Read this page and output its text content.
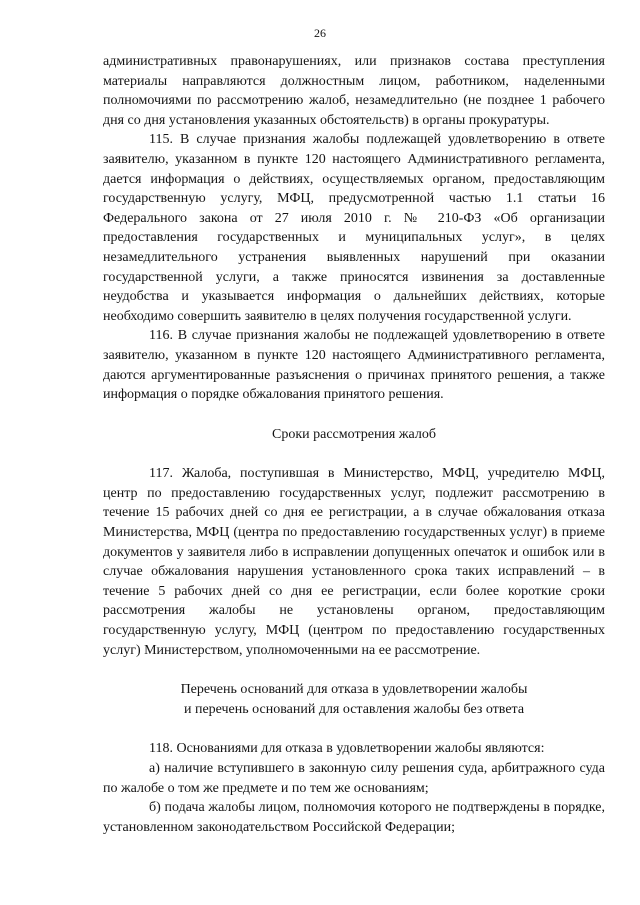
26

административных правонарушениях, или признаков состава преступления материалы направляются должностным лицом, работником, наделенными полномочиями по рассмотрению жалоб, незамедлительно (не позднее 1 рабочего дня со дня установления указанных обстоятельств) в органы прокуратуры.

115. В случае признания жалобы подлежащей удовлетворению в ответе заявителю, указанном в пункте 120 настоящего Административного регламента, дается информация о действиях, осуществляемых органом, предоставляющим государственную услугу, МФЦ, предусмотренной частью 1.1 статьи 16 Федерального закона от 27 июля 2010 г. № 210-ФЗ «Об организации предоставления государственных и муниципальных услуг», в целях незамедлительного устранения выявленных нарушений при оказании государственной услуги, а также приносятся извинения за доставленные неудобства и указывается информация о дальнейших действиях, которые необходимо совершить заявителю в целях получения государственной услуги.

116. В случае признания жалобы не подлежащей удовлетворению в ответе заявителю, указанном в пункте 120 настоящего Административного регламента, даются аргументированные разъяснения о причинах принятого решения, а также информация о порядке обжалования принятого решения.

Сроки рассмотрения жалоб

117. Жалоба, поступившая в Министерство, МФЦ, учредителю МФЦ, центр по предоставлению государственных услуг, подлежит рассмотрению в течение 15 рабочих дней со дня ее регистрации, а в случае обжалования отказа Министерства, МФЦ (центра по предоставлению государственных услуг) в приеме документов у заявителя либо в исправлении допущенных опечаток и ошибок или в случае обжалования нарушения установленного срока таких исправлений – в течение 5 рабочих дней со дня ее регистрации, если более короткие сроки рассмотрения жалобы не установлены органом, предоставляющим государственную услугу, МФЦ (центром по предоставлению государственных услуг) Министерством, уполномоченными на ее рассмотрение.

Перечень оснований для отказа в удовлетворении жалобы
и перечень оснований для оставления жалобы без ответа

118. Основаниями для отказа в удовлетворении жалобы являются:

а) наличие вступившего в законную силу решения суда, арбитражного суда по жалобе о том же предмете и по тем же основаниям;

б) подача жалобы лицом, полномочия которого не подтверждены в порядке, установленном законодательством Российской Федерации;
